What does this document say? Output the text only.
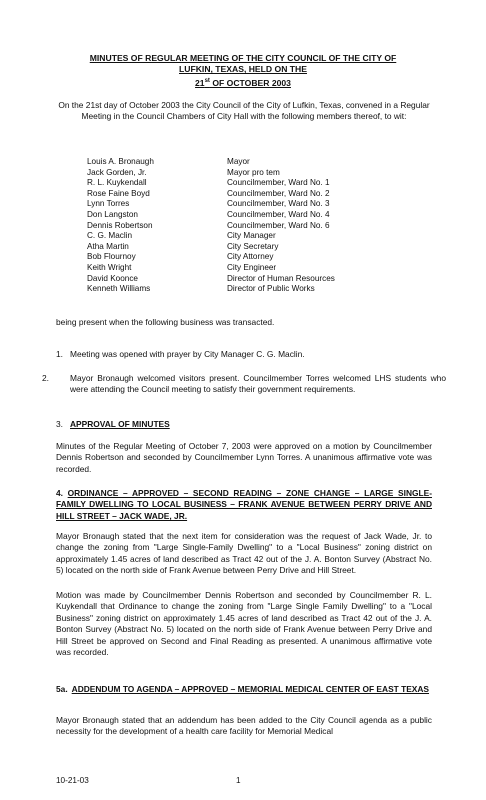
MINUTES OF REGULAR MEETING OF THE CITY COUNCIL OF THE CITY OF
LUFKIN, TEXAS, HELD ON THE
21st OF OCTOBER 2003
On the 21st day of October 2003 the City Council of the City of Lufkin, Texas, convened in a Regular Meeting in the Council Chambers of City Hall with the following members thereof, to wit:
Louis A. Bronaugh	Mayor
Jack Gorden, Jr.	Mayor pro tem
R. L. Kuykendall	Councilmember, Ward No. 1
Rose Faine Boyd	Councilmember, Ward No. 2
Lynn Torres	Councilmember, Ward No. 3
Don Langston	Councilmember, Ward No. 4
Dennis Robertson	Councilmember, Ward No. 6
C. G. Maclin	City Manager
Atha Martin	City Secretary
Bob Flournoy	City Attorney
Keith Wright	City Engineer
David Koonce	Director of Human Resources
Kenneth Williams	Director of Public Works
being present when the following business was transacted.
1. Meeting was opened with prayer by City Manager C. G. Maclin.
2.	Mayor Bronaugh welcomed visitors present. Councilmember Torres welcomed LHS students who were attending the Council meeting to satisfy their government requirements.
3. APPROVAL OF MINUTES
Minutes of the Regular Meeting of October 7, 2003 were approved on a motion by Councilmember Dennis Robertson and seconded by Councilmember Lynn Torres. A unanimous affirmative vote was recorded.
4. ORDINANCE – APPROVED – SECOND READING – ZONE CHANGE – LARGE SINGLE-FAMILY DWELLING TO LOCAL BUSINESS – FRANK AVENUE BETWEEN PERRY DRIVE AND HILL STREET – JACK WADE, JR.
Mayor Bronaugh stated that the next item for consideration was the request of Jack Wade, Jr. to change the zoning from "Large Single-Family Dwelling" to a "Local Business" zoning district on approximately 1.45 acres of land described as Tract 42 out of the J. A. Bonton Survey (Abstract No. 5) located on the north side of Frank Avenue between Perry Drive and Hill Street.
Motion was made by Councilmember Dennis Robertson and seconded by Councilmember R. L. Kuykendall that Ordinance to change the zoning from "Large Single Family Dwelling" to a "Local Business" zoning district on approximately 1.45 acres of land described as Tract 42 out of the J. A. Bonton Survey (Abstract No. 5) located on the north side of Frank Avenue between Perry Drive and Hill Street be approved on Second and Final Reading as presented. A unanimous affirmative vote was recorded.
5a. ADDENDUM TO AGENDA – APPROVED – MEMORIAL MEDICAL CENTER OF EAST TEXAS
Mayor Bronaugh stated that an addendum has been added to the City Council agenda as a public necessity for the development of a health care facility for Memorial Medical
10-21-03	1
